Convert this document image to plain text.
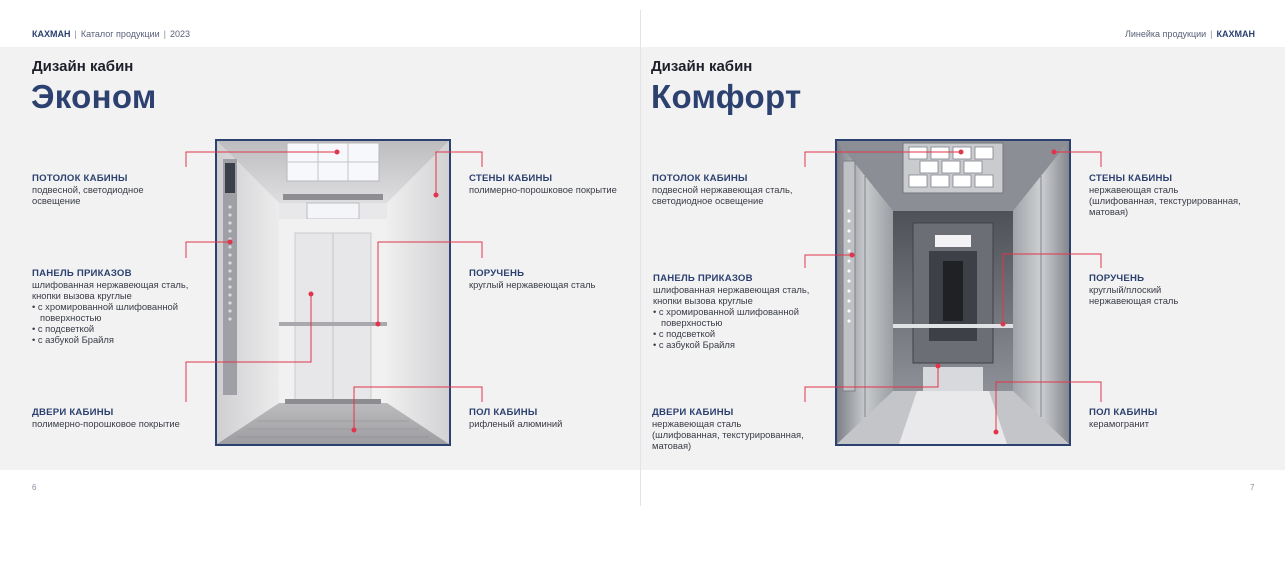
КАХМАН | Каталог продукции | 2023
Дизайн кабин
Эконом
ПОТОЛОК КАБИНЫ
подвесной, светодиодное
освещение
ПАНЕЛЬ ПРИКАЗОВ
шлифованная нержавеющая сталь,
кнопки вызова круглые
• с хромированной шлифованной
поверхностью
• с подсветкой
• с азбукой Брайля
ДВЕРИ КАБИНЫ
полимерно-порошковое покрытие
СТЕНЫ КАБИНЫ
полимерно-порошковое покрытие
ПОРУЧЕНЬ
круглый нержавеющая сталь
ПОЛ КАБИНЫ
рифленый алюминий
6
Линейка продукции | КАХМАН
Дизайн кабин
Комфорт
ПОТОЛОК КАБИНЫ
подвесной нержавеющая сталь,
светодиодное освещение
ПАНЕЛЬ ПРИКАЗОВ
шлифованная нержавеющая сталь,
кнопки вызова круглые
• с хромированной шлифованной
поверхностью
• с подсветкой
• с азбукой Брайля
ДВЕРИ КАБИНЫ
нержавеющая сталь
(шлифованная, текстурированная,
матовая)
СТЕНЫ КАБИНЫ
нержавеющая сталь
(шлифованная, текстурированная,
матовая)
ПОРУЧЕНЬ
круглый/плоский
нержавеющая сталь
ПОЛ КАБИНЫ
керамогранит
7
